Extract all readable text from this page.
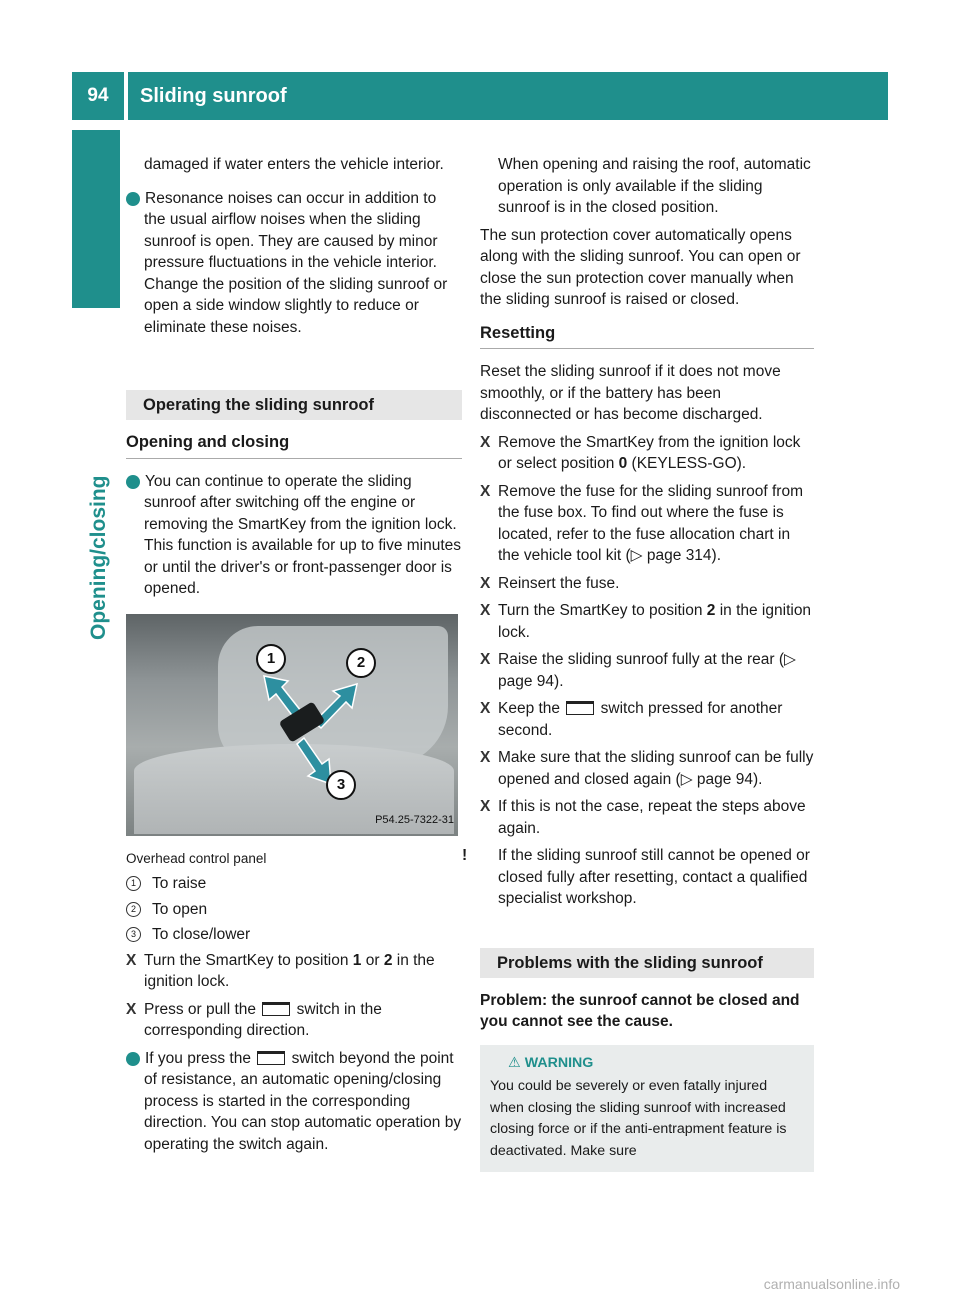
94	Sliding sunroof
Opening/closing

damaged if water enters the vehicle interior.

i Resonance noises can occur in addition to the usual airflow noises when the sliding sunroof is open. They are caused by minor pressure fluctuations in the vehicle interior. Change the position of the sliding sunroof or open a side window slightly to reduce or eliminate these noises.

Operating the sliding sunroof

Opening and closing

i You can continue to operate the sliding sunroof after switching off the engine or removing the SmartKey from the ignition lock. This function is available for up to five minutes or until the driver's or front-passenger door is opened.

1	2
3
P54.25-7322-31

Overhead control panel

1	To raise

2	To open

3	To close/lower

X Turn the SmartKey to position 1 or 2 in the ignition lock.

X Press or pull the  switch in the corresponding direction.

i If you press the  switch beyond the point of resistance, an automatic opening/closing process is started in the corresponding direction. You can stop automatic operation by operating the switch again.

When opening and raising the roof, automatic operation is only available if the sliding sunroof is in the closed position.

The sun protection cover automatically opens along with the sliding sunroof. You can open or close the sun protection cover manually when the sliding sunroof is raised or closed.

Resetting

Reset the sliding sunroof if it does not move smoothly, or if the battery has been disconnected or has become discharged.

X Remove the SmartKey from the ignition lock or select position 0 (KEYLESS-GO).

X Remove the fuse for the sliding sunroof from the fuse box. To find out where the fuse is located, refer to the fuse allocation chart in the vehicle tool kit (▷ page 314).

X Reinsert the fuse.

X Turn the SmartKey to position 2 in the ignition lock.

X Raise the sliding sunroof fully at the rear (▷ page 94).

X Keep the  switch pressed for another second.

X Make sure that the sliding sunroof can be fully opened and closed again (▷ page 94).

X If this is not the case, repeat the steps above again.

! If the sliding sunroof still cannot be opened or closed fully after resetting, contact a qualified specialist workshop.

Problems with the sliding sunroof

Problem: the sunroof cannot be closed and you cannot see the cause.

⚠ WARNING

You could be severely or even fatally injured when closing the sliding sunroof with increased closing force or if the anti-entrapment feature is deactivated. Make sure

carmanualsonline.info
